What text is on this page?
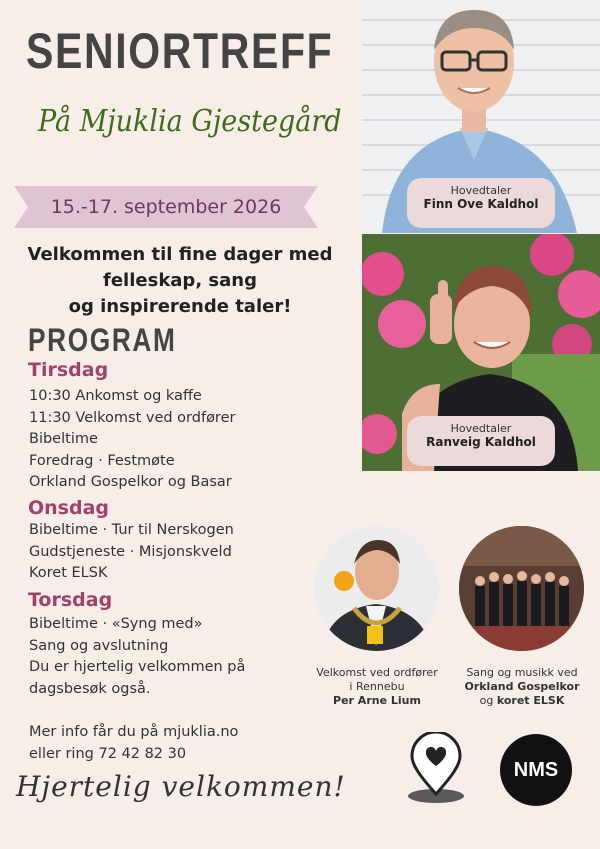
SENIORTREFF
På Mjuklia Gjestegård
15.-17. september 2026
Velkommen til fine dager med
felleskap, sang
og inspirerende taler!
PROGRAM
Tirsdag
10:30 Ankomst og kaffe
11:30 Velkomst ved ordfører
Bibeltime
Foredrag · Festmøte
Orkland Gospelkor og Basar
Onsdag
Bibeltime · Tur til Nerskogen
Gudstjeneste · Misjonskveld
Koret ELSK
Torsdag
Bibeltime · «Syng med»
Sang og avslutning
Du er hjertelig velkommen på
dagsbesøk også.
Mer info får du på mjuklia.no
eller ring 72 42 82 30
Hjertelig velkommen!
Hovedtaler
Finn Ove Kaldhol
Hovedtaler
Ranveig Kaldhol
Velkomst ved ordfører
i Rennebu
Per Arne Lium
Sang og musikk ved
Orkland Gospelkor
og koret ELSK
NMS
